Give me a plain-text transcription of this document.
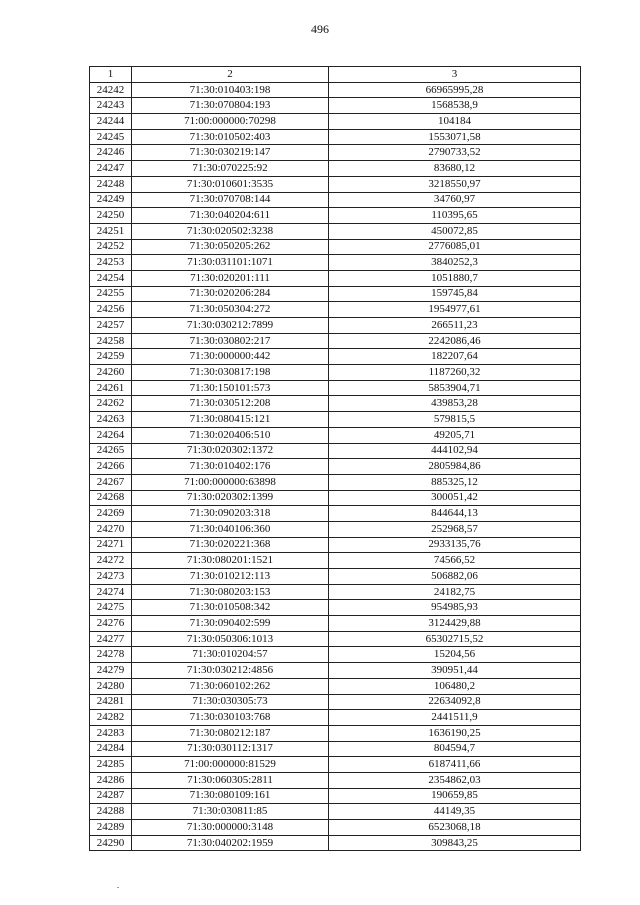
496
1	2	3
24242	71:30:010403:198	66965995,28
24243	71:30:070804:193	1568538,9
24244	71:00:000000:70298	104184
24245	71:30:010502:403	1553071,58
24246	71:30:030219:147	2790733,52
24247	71:30:070225:92	83680,12
24248	71:30:010601:3535	3218550,97
24249	71:30:070708:144	34760,97
24250	71:30:040204:611	110395,65
24251	71:30:020502:3238	450072,85
24252	71:30:050205:262	2776085,01
24253	71:30:031101:1071	3840252,3
24254	71:30:020201:111	1051880,7
24255	71:30:020206:284	159745,84
24256	71:30:050304:272	1954977,61
24257	71:30:030212:7899	266511,23
24258	71:30:030802:217	2242086,46
24259	71:30:000000:442	182207,64
24260	71:30:030817:198	1187260,32
24261	71:30:150101:573	5853904,71
24262	71:30:030512:208	439853,28
24263	71:30:080415:121	579815,5
24264	71:30:020406:510	49205,71
24265	71:30:020302:1372	444102,94
24266	71:30:010402:176	2805984,86
24267	71:00:000000:63898	885325,12
24268	71:30:020302:1399	300051,42
24269	71:30:090203:318	844644,13
24270	71:30:040106:360	252968,57
24271	71:30:020221:368	2933135,76
24272	71:30:080201:1521	74566,52
24273	71:30:010212:113	506882,06
24274	71:30:080203:153	24182,75
24275	71:30:010508:342	954985,93
24276	71:30:090402:599	3124429,88
24277	71:30:050306:1013	65302715,52
24278	71:30:010204:57	15204,56
24279	71:30:030212:4856	390951,44
24280	71:30:060102:262	106480,2
24281	71:30:030305:73	22634092,8
24282	71:30:030103:768	2441511,9
24283	71:30:080212:187	1636190,25
24284	71:30:030112:1317	804594,7
24285	71:00:000000:81529	6187411,66
24286	71:30:060305:2811	2354862,03
24287	71:30:080109:161	190659,85
24288	71:30:030811:85	44149,35
24289	71:30:000000:3148	6523068,18
24290	71:30:040202:1959	309843,25
